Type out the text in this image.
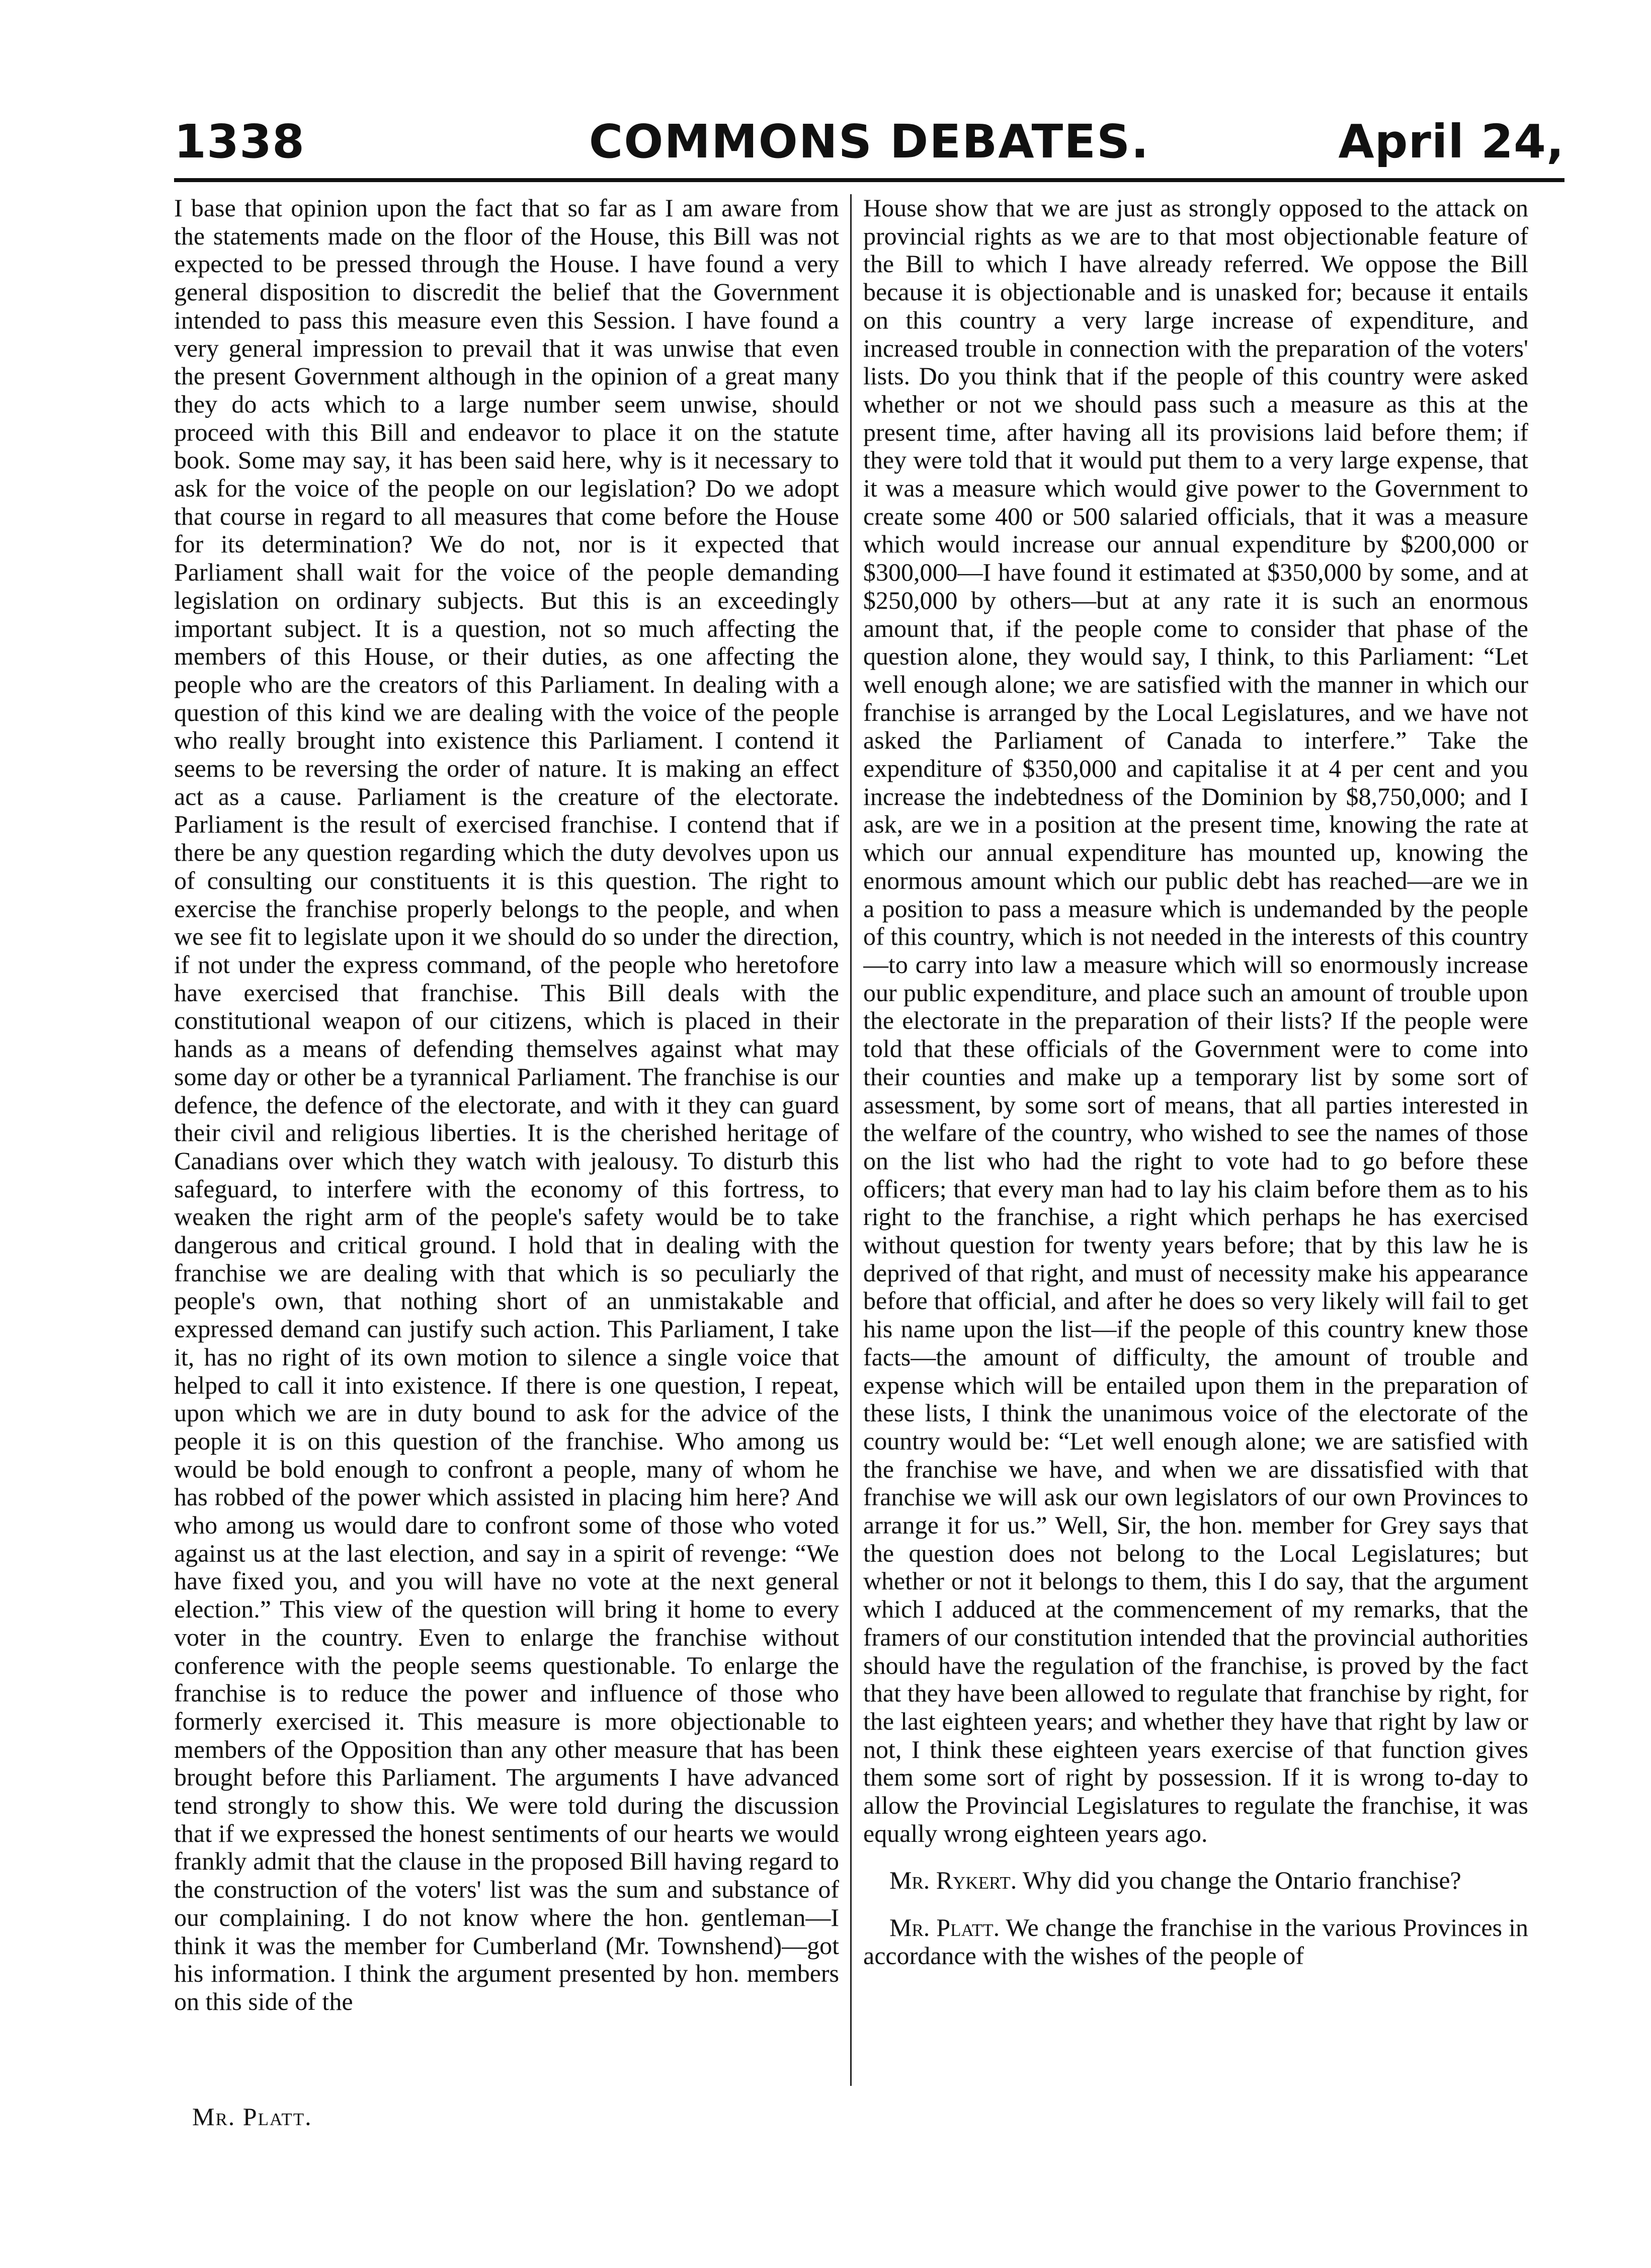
1338	COMMONS DEBATES.	April 24,

I base that opinion upon the fact that so far as I am aware from the statements made on the floor of the House, this Bill was not expected to be pressed through the House. I have found a very general disposition to discredit the belief that the Government intended to pass this measure even this Session. I have found a very general impression to prevail that it was unwise that even the present Government although in the opinion of a great many they do acts which to a large number seem unwise, should proceed with this Bill and endeavor to place it on the statute book. Some may say, it has been said here, why is it necessary to ask for the voice of the people on our legislation? Do we adopt that course in regard to all measures that come before the House for its determination? We do not, nor is it expected that Parliament shall wait for the voice of the people demanding legislation on ordinary subjects. But this is an exceedingly important subject. It is a question, not so much affecting the members of this House, or their duties, as one affecting the people who are the creators of this Parliament. In dealing with a question of this kind we are dealing with the voice of the people who really brought into existence this Parliament. I contend it seems to be reversing the order of nature. It is making an effect act as a cause. Parliament is the creature of the electorate. Parliament is the result of exercised franchise. I contend that if there be any question regarding which the duty devolves upon us of consulting our constituents it is this question. The right to exercise the franchise properly belongs to the people, and when we see fit to legislate upon it we should do so under the direction, if not under the express command, of the people who heretofore have exercised that franchise. This Bill deals with the constitutional weapon of our citizens, which is placed in their hands as a means of defending themselves against what may some day or other be a tyrannical Parliament. The franchise is our defence, the defence of the electorate, and with it they can guard their civil and religious liberties. It is the cherished heritage of Canadians over which they watch with jealousy. To disturb this safeguard, to interfere with the economy of this fortress, to weaken the right arm of the people's safety would be to take dangerous and critical ground. I hold that in dealing with the franchise we are dealing with that which is so peculiarly the people's own, that nothing short of an unmistakable and expressed demand can justify such action. This Parliament, I take it, has no right of its own motion to silence a single voice that helped to call it into existence. If there is one question, I repeat, upon which we are in duty bound to ask for the advice of the people it is on this question of the franchise. Who among us would be bold enough to confront a people, many of whom he has robbed of the power which assisted in placing him here? And who among us would dare to confront some of those who voted against us at the last election, and say in a spirit of revenge: “We have fixed you, and you will have no vote at the next general election.” This view of the question will bring it home to every voter in the country. Even to enlarge the franchise without conference with the people seems questionable. To enlarge the franchise is to reduce the power and influence of those who formerly exercised it. This measure is more objectionable to members of the Opposition than any other measure that has been brought before this Parliament. The arguments I have advanced tend strongly to show this. We were told during the discussion that if we expressed the honest sentiments of our hearts we would frankly admit that the clause in the proposed Bill having regard to the construction of the voters' list was the sum and substance of our complaining. I do not know where the hon. gentleman—I think it was the member for Cumberland (Mr. Townshend)—got his information. I think the argument presented by hon. members on this side of the

House show that we are just as strongly opposed to the attack on provincial rights as we are to that most objectionable feature of the Bill to which I have already referred. We oppose the Bill because it is objectionable and is unasked for; because it entails on this country a very large increase of expenditure, and increased trouble in connection with the preparation of the voters' lists. Do you think that if the people of this country were asked whether or not we should pass such a measure as this at the present time, after having all its provisions laid before them; if they were told that it would put them to a very large expense, that it was a measure which would give power to the Government to create some 400 or 500 salaried officials, that it was a measure which would increase our annual expenditure by $200,000 or $300,000—I have found it estimated at $350,000 by some, and at $250,000 by others—but at any rate it is such an enormous amount that, if the people come to consider that phase of the question alone, they would say, I think, to this Parliament: “Let well enough alone; we are satisfied with the manner in which our franchise is arranged by the Local Legislatures, and we have not asked the Parliament of Canada to interfere.” Take the expenditure of $350,000 and capitalise it at 4 per cent and you increase the indebtedness of the Dominion by $8,750,000; and I ask, are we in a position at the present time, knowing the rate at which our annual expenditure has mounted up, knowing the enormous amount which our public debt has reached—are we in a position to pass a measure which is undemanded by the people of this country, which is not needed in the interests of this country—to carry into law a measure which will so enormously increase our public expenditure, and place such an amount of trouble upon the electorate in the preparation of their lists? If the people were told that these officials of the Government were to come into their counties and make up a temporary list by some sort of assessment, by some sort of means, that all parties interested in the welfare of the country, who wished to see the names of those on the list who had the right to vote had to go before these officers; that every man had to lay his claim before them as to his right to the franchise, a right which perhaps he has exercised without question for twenty years before; that by this law he is deprived of that right, and must of necessity make his appearance before that official, and after he does so very likely will fail to get his name upon the list—if the people of this country knew those facts—the amount of difficulty, the amount of trouble and expense which will be entailed upon them in the preparation of these lists, I think the unanimous voice of the electorate of the country would be: “Let well enough alone; we are satisfied with the franchise we have, and when we are dissatisfied with that franchise we will ask our own legislators of our own Provinces to arrange it for us.” Well, Sir, the hon. member for Grey says that the question does not belong to the Local Legislatures; but whether or not it belongs to them, this I do say, that the argument which I adduced at the commencement of my remarks, that the framers of our constitution intended that the provincial authorities should have the regulation of the franchise, is proved by the fact that they have been allowed to regulate that franchise by right, for the last eighteen years; and whether they have that right by law or not, I think these eighteen years exercise of that function gives them some sort of right by possession. If it is wrong to-day to allow the Provincial Legislatures to regulate the franchise, it was equally wrong eighteen years ago.

Mr. Rykert. Why did you change the Ontario franchise?

Mr. Platt. We change the franchise in the various Provinces in accordance with the wishes of the people of

Mr. Platt.
